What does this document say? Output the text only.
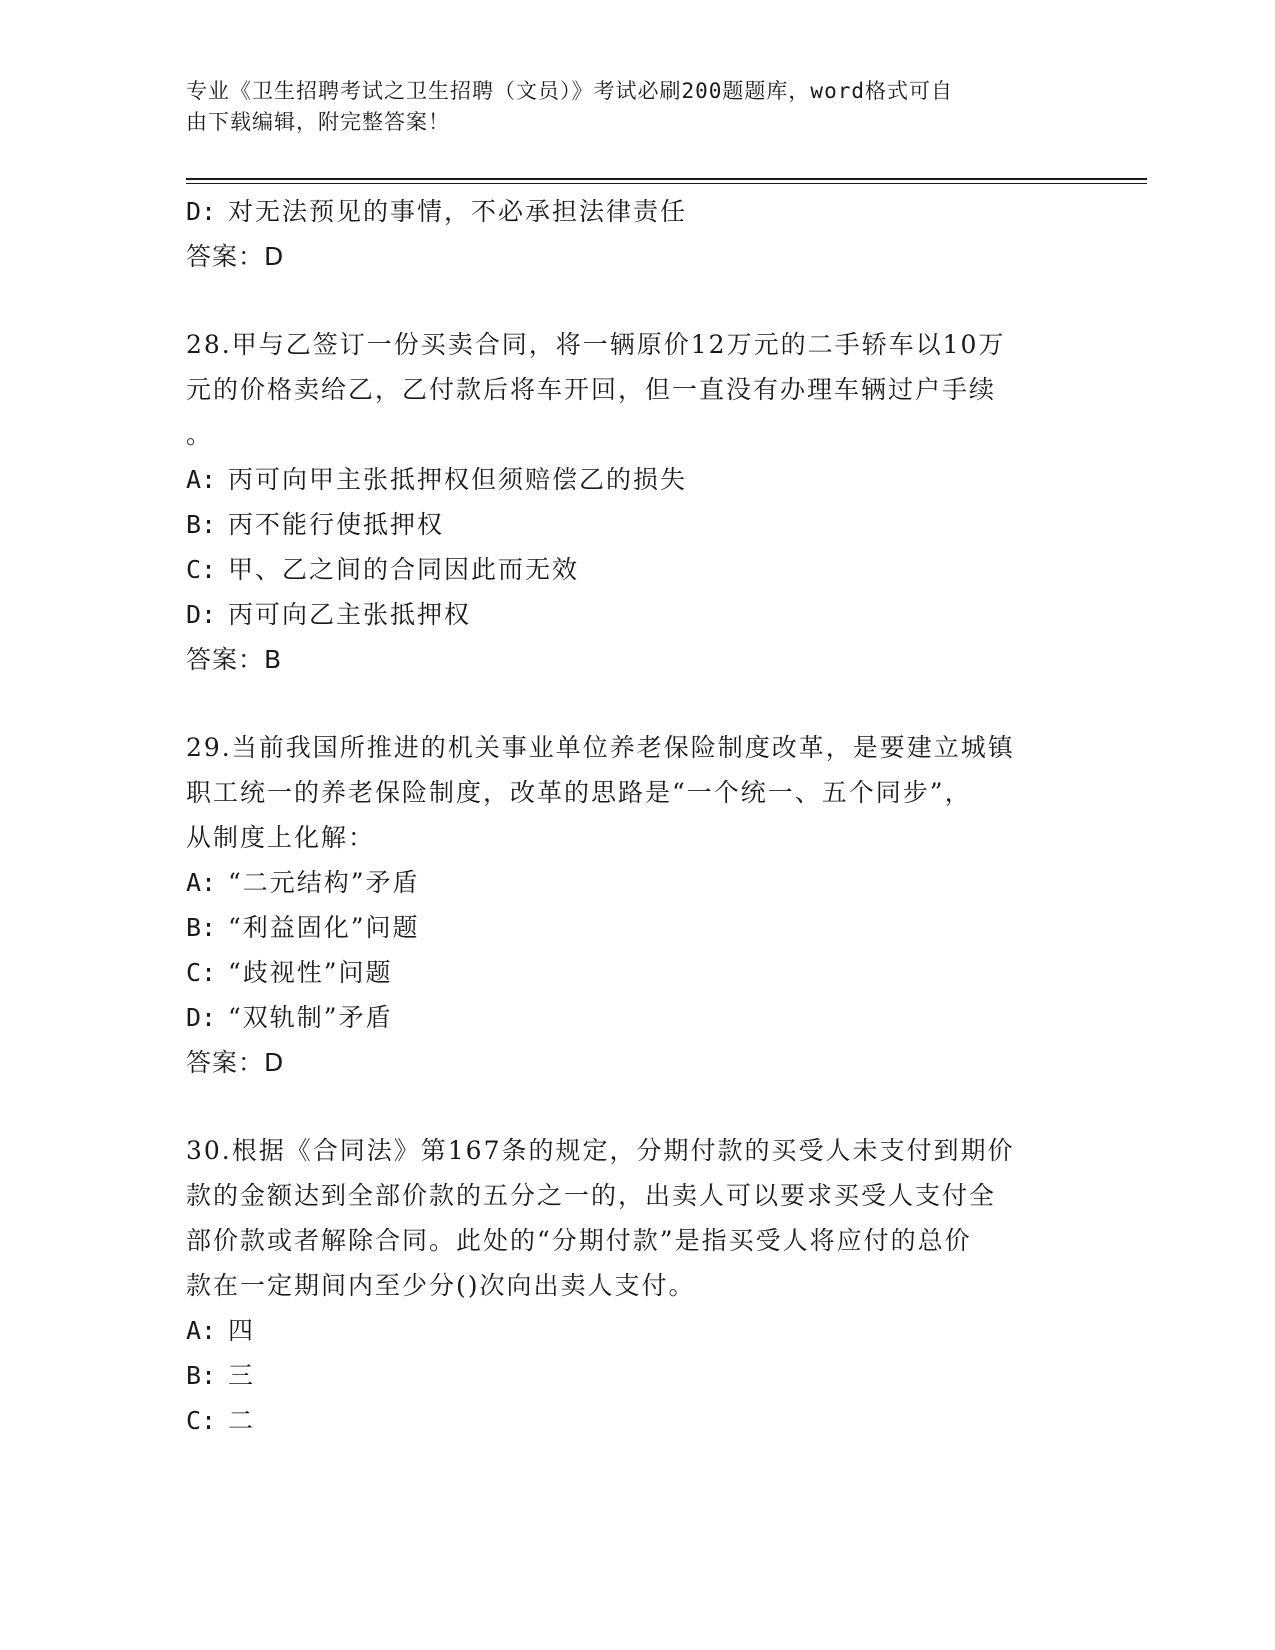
专业《卫生招聘考试之卫生招聘（文员）》考试必刷200题题库，word格式可自
由下载编辑，附完整答案！
D: 对无法预见的事情，不必承担法律责任
答案：D
28.甲与乙签订一份买卖合同，将一辆原价12万元的二手轿车以10万
元的价格卖给乙，乙付款后将车开回，但一直没有办理车辆过户手续
。
A: 丙可向甲主张抵押权但须赔偿乙的损失
B: 丙不能行使抵押权
C: 甲、乙之间的合同因此而无效
D: 丙可向乙主张抵押权
答案：B
29.当前我国所推进的机关事业单位养老保险制度改革，是要建立城镇
职工统一的养老保险制度，改革的思路是“一个统一、五个同步”，
从制度上化解：
A: “二元结构”矛盾
B: “利益固化”问题
C: “歧视性”问题
D: “双轨制”矛盾
答案：D
30.根据《合同法》第167条的规定，分期付款的买受人未支付到期价
款的金额达到全部价款的五分之一的，出卖人可以要求买受人支付全
部价款或者解除合同。此处的“分期付款”是指买受人将应付的总价
款在一定期间内至少分()次向出卖人支付。
A: 四
B: 三
C: 二
